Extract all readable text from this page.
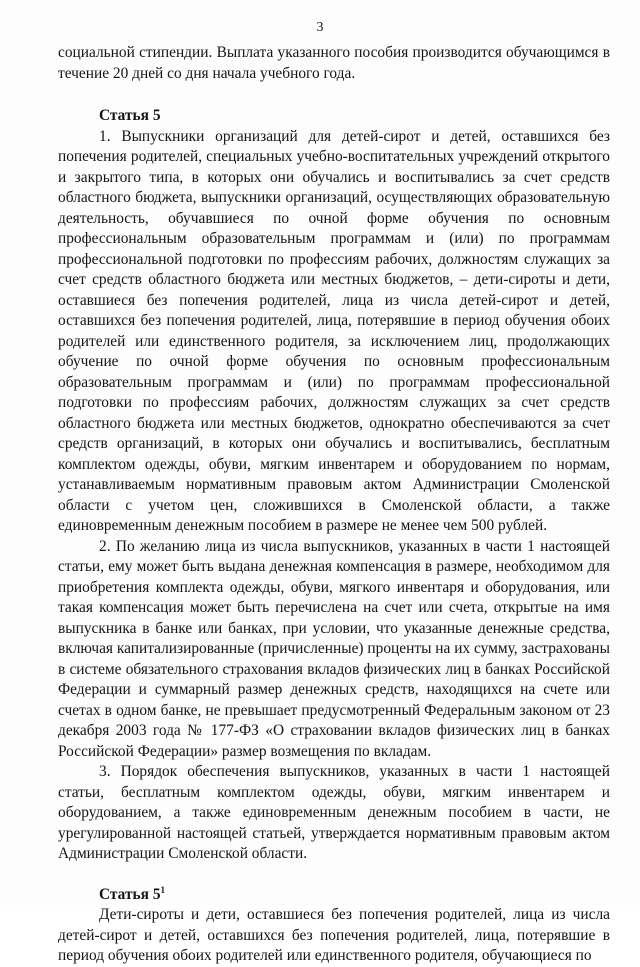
3

социальной стипендии. Выплата указанного пособия производится обучающимся в течение 20 дней со дня начала учебного года.

Статья 5

1. Выпускники организаций для детей-сирот и детей, оставшихся без попечения родителей, специальных учебно-воспитательных учреждений открытого и закрытого типа, в которых они обучались и воспитывались за счет средств областного бюджета, выпускники организаций, осуществляющих образовательную деятельность, обучавшиеся по очной форме обучения по основным профессиональным образовательным программам и (или) по программам профессиональной подготовки по профессиям рабочих, должностям служащих за счет средств областного бюджета или местных бюджетов, – дети-сироты и дети, оставшиеся без попечения родителей, лица из числа детей-сирот и детей, оставшихся без попечения родителей, лица, потерявшие в период обучения обоих родителей или единственного родителя, за исключением лиц, продолжающих обучение по очной форме обучения по основным профессиональным образовательным программам и (или) по программам профессиональной подготовки по профессиям рабочих, должностям служащих за счет средств областного бюджета или местных бюджетов, однократно обеспечиваются за счет средств организаций, в которых они обучались и воспитывались, бесплатным комплектом одежды, обуви, мягким инвентарем и оборудованием по нормам, устанавливаемым нормативным правовым актом Администрации Смоленской области с учетом цен, сложившихся в Смоленской области, а также единовременным денежным пособием в размере не менее чем 500 рублей.

2. По желанию лица из числа выпускников, указанных в части 1 настоящей статьи, ему может быть выдана денежная компенсация в размере, необходимом для приобретения комплекта одежды, обуви, мягкого инвентаря и оборудования, или такая компенсация может быть перечислена на счет или счета, открытые на имя выпускника в банке или банках, при условии, что указанные денежные средства, включая капитализированные (причисленные) проценты на их сумму, застрахованы в системе обязательного страхования вкладов физических лиц в банках Российской Федерации и суммарный размер денежных средств, находящихся на счете или счетах в одном банке, не превышает предусмотренный Федеральным законом от 23 декабря 2003 года № 177-ФЗ «О страховании вкладов физических лиц в банках Российской Федерации» размер возмещения по вкладам.

3. Порядок обеспечения выпускников, указанных в части 1 настоящей статьи, бесплатным комплектом одежды, обуви, мягким инвентарем и оборудованием, а также единовременным денежным пособием в части, не урегулированной настоящей статьей, утверждается нормативным правовым актом Администрации Смоленской области.

Статья $5^1$

Дети-сироты и дети, оставшиеся без попечения родителей, лица из числа детей-сирот и детей, оставшихся без попечения родителей, лица, потерявшие в период обучения обоих родителей или единственного родителя, обучающиеся по
